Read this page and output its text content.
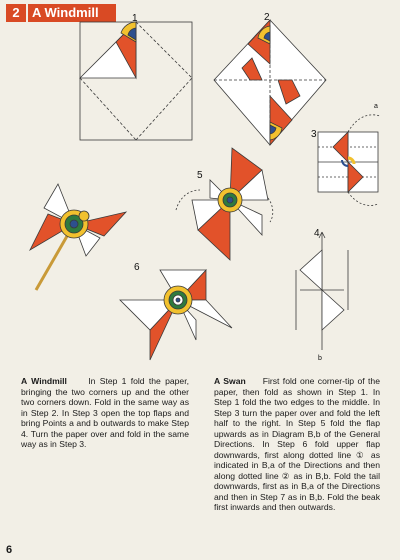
2 A Windmill	1	2
3
a
5
4
b
6
A Windmill In Step 1 fold the paper, bringing the two corners up and the other two corners down. Fold in the same way as in Step 2. In Step 3 open the top flaps and bring Points a and b outwards to make Step 4. Turn the paper over and fold in the same way as in Step 3.
A Swan First fold one corner-tip of the paper, then fold as shown in Step 1. In Step 1 fold the two edges to the middle. In Step 3 turn the paper over and fold the left half to the right. In Step 5 fold the flap upwards as in Diagram B,b of the General Directions. In Step 6 fold upper flap downwards, first along dotted line ① as indicated in B,a of the Directions and then along dotted line ② as in B,b. Fold the tail downwards, first as in B,a of the Directions and then in Step 7 as in B,b. Fold the beak first inwards and then outwards.
6
